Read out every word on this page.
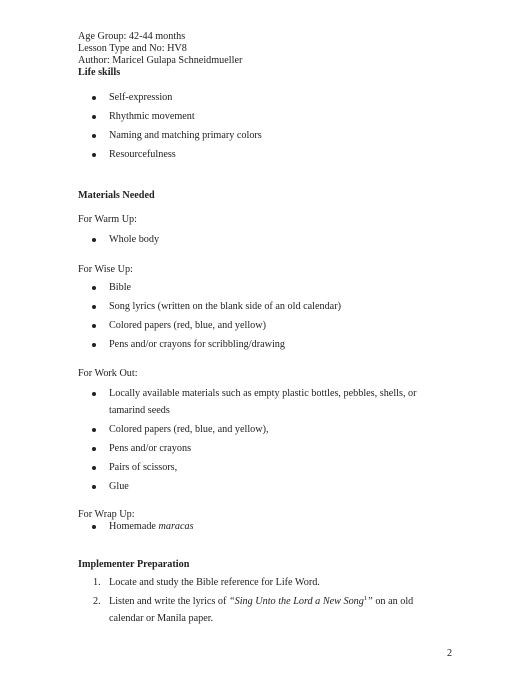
Age Group: 42-44 months
Lesson Type and No: HV8
Author: Maricel Gulapa Schneidmueller
Life skills
Self-expression
Rhythmic movement
Naming and matching primary colors
Resourcefulness
Materials Needed
For Warm Up:
Whole body
For Wise Up:
Bible
Song lyrics (written on the blank side of an old calendar)
Colored papers (red, blue, and yellow)
Pens and/or crayons for scribbling/drawing
For Work Out:
Locally available materials such as empty plastic bottles, pebbles, shells, or
tamarind seeds
Colored papers (red, blue, and yellow),
Pens and/or crayons
Pairs of scissors,
Glue
For Wrap Up:
Homemade maracas
Implementer Preparation
1. Locate and study the Bible reference for Life Word.
2. Listen and write the lyrics of “Sing Unto the Lord a New Song$^1$” on an old
calendar or Manila paper.
2
